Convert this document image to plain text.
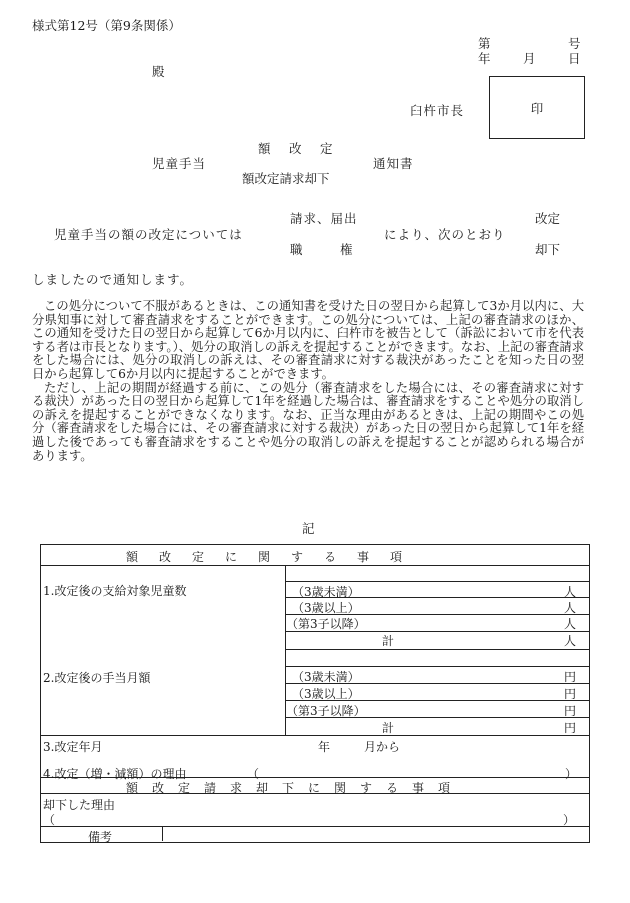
様式第12号（第9条関係）
第	号
年	月	日
殿
臼杵市長	印
額　改　定
児童手当	通知書
額改定請求却下
請求、届出	改定
児童手当の額の改定については	により、次のとおり
職　　　権	却下
しましたので通知します。

この処分について不服があるときは、この通知書を受けた日の翌日から起算して3か月以内に、大分県知事に対して審査請求をすることができます。この処分については、上記の審査請求のほか、この通知を受けた日の翌日から起算して6か月以内に、臼杵市を被告として（訴訟において市を代表する者は市長となります。）、処分の取消しの訴えを提起することができます。なお、上記の審査請求をした場合には、処分の取消しの訴えは、その審査請求に対する裁決があったことを知った日の翌日から起算して6か月以内に提起することができます。

ただし、上記の期間が経過する前に、この処分（審査請求をした場合には、その審査請求に対する裁決）があった日の翌日から起算して1年を経過した場合は、審査請求をすることや処分の取消しの訴えを提起することができなくなります。なお、正当な理由があるときは、上記の期間やこの処分（審査請求をした場合には、その審査請求に対する裁決）があった日の翌日から起算して1年を経過した後であっても審査請求をすることや処分の取消しの訴えを提起することが認められる場合があります。

記
額改定に関する事項
1.改定後の支給対象児童数	（3歳未満）	人
（3歳以上）	人
（第3子以降）	人
計	人
2.改定後の手当月額	（3歳未満）	円
（3歳以上）	円
（第3子以降）	円
計	円
3.改定年月	年	月から
4.改定（増・減額）の理由	（	）
額改定請求却下に関する事項
却下した理由
（	）
備考
